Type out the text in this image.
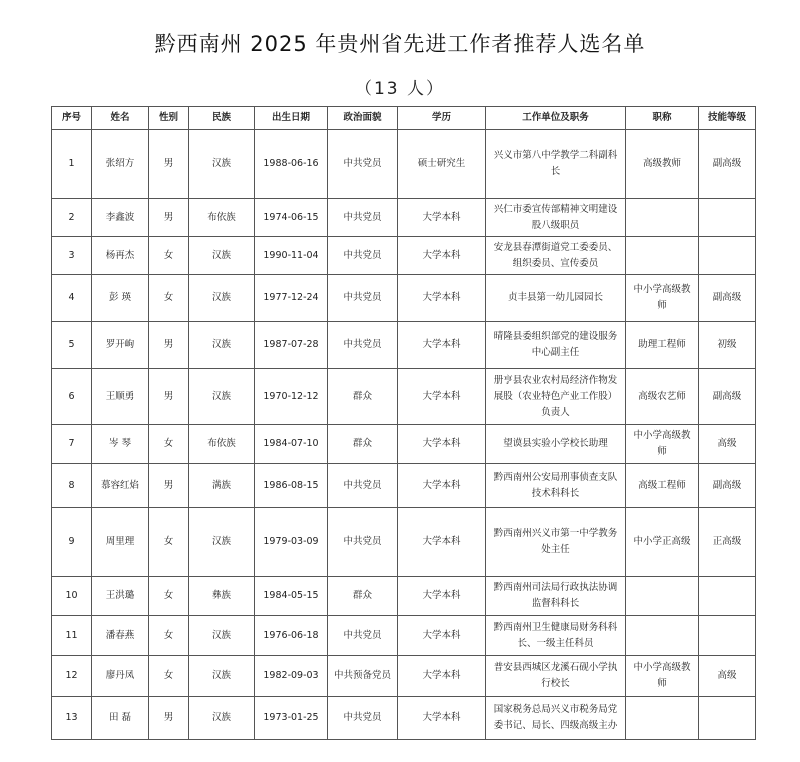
黔西南州 2025 年贵州省先进工作者推荐人选名单
（13 人）
序号	姓名	性别	民族	出生日期	政治面貌	学历	工作单位及职务	职称	技能等级
1	张绍方	男	汉族	1988-06-16	中共党员	硕士研究生	兴义市第八中学教学二科副科长	高级教师	副高级
2	李鑫波	男	布依族	1974-06-15	中共党员	大学本科	兴仁市委宣传部精神文明建设股八级职员		
3	杨再杰	女	汉族	1990-11-04	中共党员	大学本科	安龙县春潭街道党工委委员、组织委员、宣传委员		
4	彭 瑛	女	汉族	1977-12-24	中共党员	大学本科	贞丰县第一幼儿园园长	中小学高级教师	副高级
5	罗开岣	男	汉族	1987-07-28	中共党员	大学本科	晴隆县委组织部党的建设服务中心副主任	助理工程师	初级
6	王顺勇	男	汉族	1970-12-12	群众	大学本科	册亨县农业农村局经济作物发展股（农业特色产业工作股）负责人	高级农艺师	副高级
7	岑 琴	女	布依族	1984-07-10	群众	大学本科	望谟县实验小学校长助理	中小学高级教师	高级
8	慕容红焰	男	满族	1986-08-15	中共党员	大学本科	黔西南州公安局刑事侦查支队技术科科长	高级工程师	副高级
9	周里理	女	汉族	1979-03-09	中共党员	大学本科	黔西南州兴义市第一中学教务处主任	中小学正高级	正高级
10	王洪璐	女	彝族	1984-05-15	群众	大学本科	黔西南州司法局行政执法协调监督科科长		
11	潘春燕	女	汉族	1976-06-18	中共党员	大学本科	黔西南州卫生健康局财务科科长、一级主任科员		
12	廖丹凤	女	汉族	1982-09-03	中共预备党员	大学本科	普安县西城区龙溪石砚小学执行校长	中小学高级教师	高级
13	田 磊	男	汉族	1973-01-25	中共党员	大学本科	国家税务总局兴义市税务局党委书记、局长、四级高级主办		
